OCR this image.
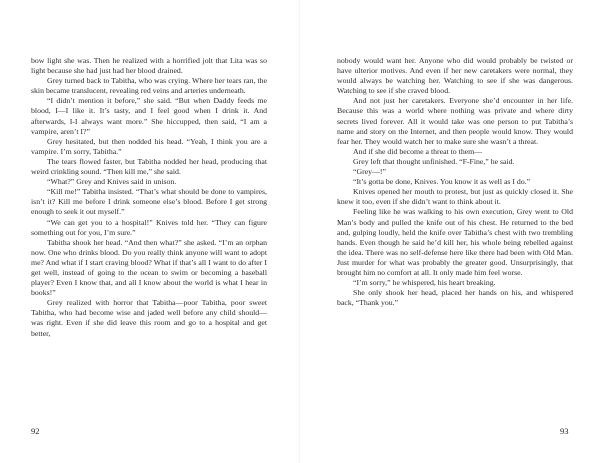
bow light she was. Then he realized with a horrified jolt that Lita was so light because she had just had her blood drained.

Grey turned back to Tabitha, who was crying. Where her tears ran, the skin became translucent, revealing red veins and arteries underneath.

“I didn’t mention it before,” she said. “But when Daddy feeds me blood, I—I like it. It’s tasty, and I feel good when I drink it. And afterwards, I-I always want more.” She hiccupped, then said, “I am a vampire, aren’t I?”

Grey hesitated, but then nodded his head. “Yeah, I think you are a vampire. I’m sorry, Tabitha.”

The tears flowed faster, but Tabitha nodded her head, producing that weird crinkling sound. “Then kill me,” she said.

“What?” Grey and Knives said in unison.

“Kill me!” Tabitha insisted. “That’s what should be done to vampires, isn’t it? Kill me before I drink someone else’s blood. Before I get strong enough to seek it out myself.”

“We can get you to a hospital!” Knives told her. “They can figure something out for you, I’m sure.”

Tabitha shook her head. “And then what?” she asked. “I’m an orphan now. One who drinks blood. Do you really think anyone will want to adopt me? And what if I start craving blood? What if that’s all I want to do after I get well, instead of going to the ocean to swim or becoming a baseball player? Even I know that, and all I know about the world is what I hear in books!”

Grey realized with horror that Tabitha—poor Tabitha, poor sweet Tabitha, who had become wise and jaded well before any child should—was right. Even if she did leave this room and go to a hospital and get better,

92

nobody would want her. Anyone who did would probably be twisted or have ulterior motives. And even if her new caretakers were normal, they would always be watching her. Watching to see if she was dangerous. Watching to see if she craved blood.

And not just her caretakers. Everyone she’d encounter in her life. Because this was a world where nothing was private and where dirty secrets lived forever. All it would take was one person to put Tabitha’s name and story on the Internet, and then people would know. They would fear her. They would watch her to make sure she wasn’t a threat.

And if she did become a threat to them—

Grey left that thought unfinished. “F-Fine,” he said.

“Grey—!”

“It’s gotta be done, Knives. You know it as well as I do.”

Knives opened her mouth to protest, but just as quickly closed it. She knew it too, even if she didn’t want to think about it.

Feeling like he was walking to his own execution, Grey went to Old Man’s body and pulled the knife out of his chest. He returned to the bed and, gulping loudly, held the knife over Tabitha’s chest with two trembling hands. Even though he said he’d kill her, his whole being rebelled against the idea. There was no self-defense here like there had been with Old Man. Just murder for what was probably the greater good. Unsurprisingly, that brought him no comfort at all. It only made him feel worse.

“I’m sorry,” he whispered, his heart breaking.

She only shook her head, placed her hands on his, and whispered back, “Thank you.”

93
